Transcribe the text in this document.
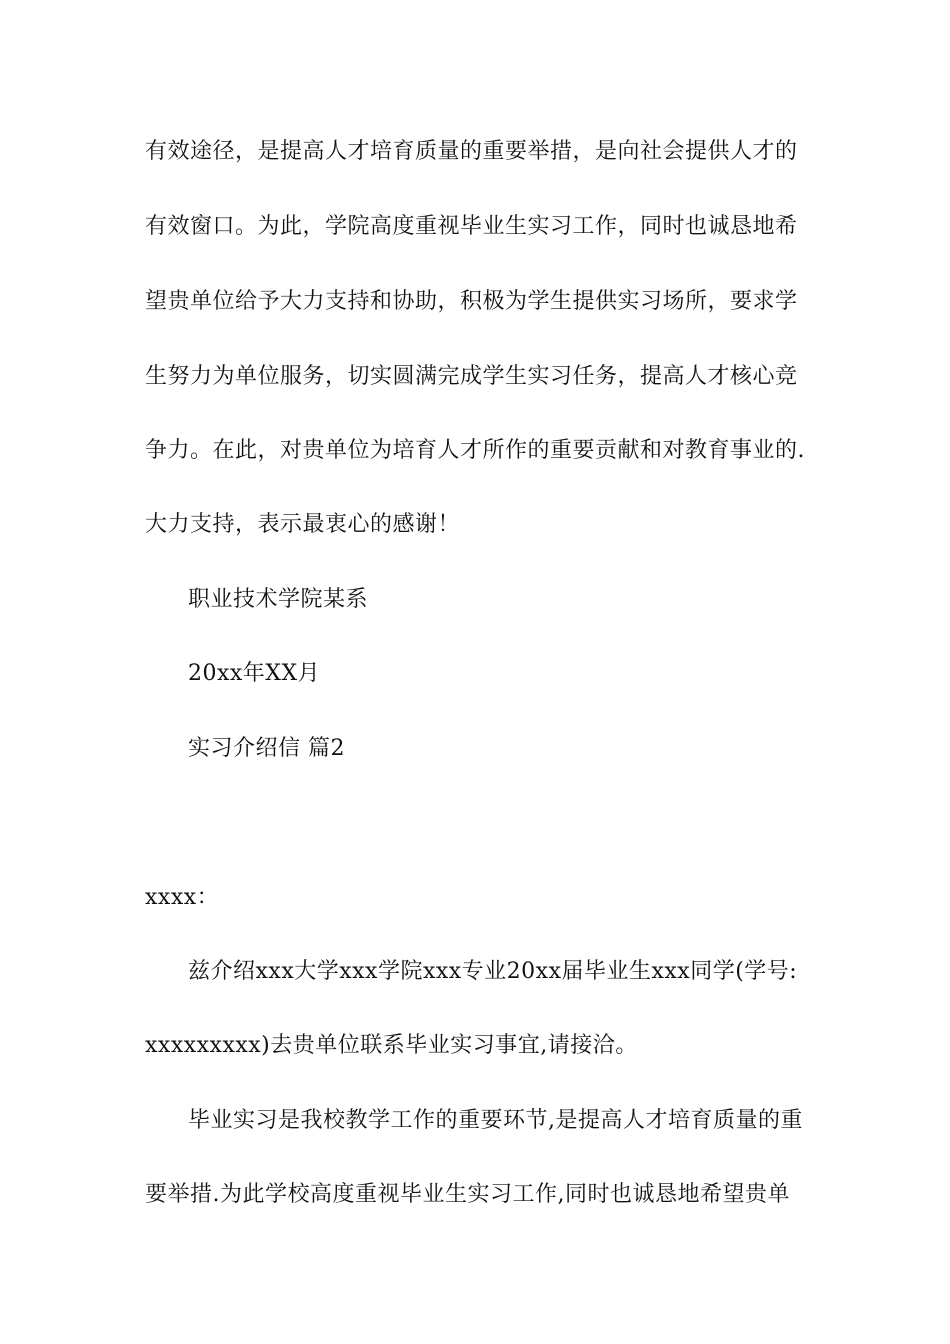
有效途径，是提高人才培育质量的重要举措，是向社会提供人才的
有效窗口。为此，学院高度重视毕业生实习工作，同时也诚恳地希
望贵单位给予大力支持和协助，积极为学生提供实习场所，要求学
生努力为单位服务，切实圆满完成学生实习任务，提高人才核心竞
争力。在此，对贵单位为培育人才所作的重要贡献和对教育事业的.
大力支持，表示最衷心的感谢！
职业技术学院某系
20xx年XX月
实习介绍信 篇2
xxxx：
兹介绍xxx大学xxx学院xxx专业20xx届毕业生xxx同学(学号:
xxxxxxxxx)去贵单位联系毕业实习事宜,请接洽。
毕业实习是我校教学工作的重要环节,是提高人才培育质量的重
要举措.为此学校高度重视毕业生实习工作,同时也诚恳地希望贵单
